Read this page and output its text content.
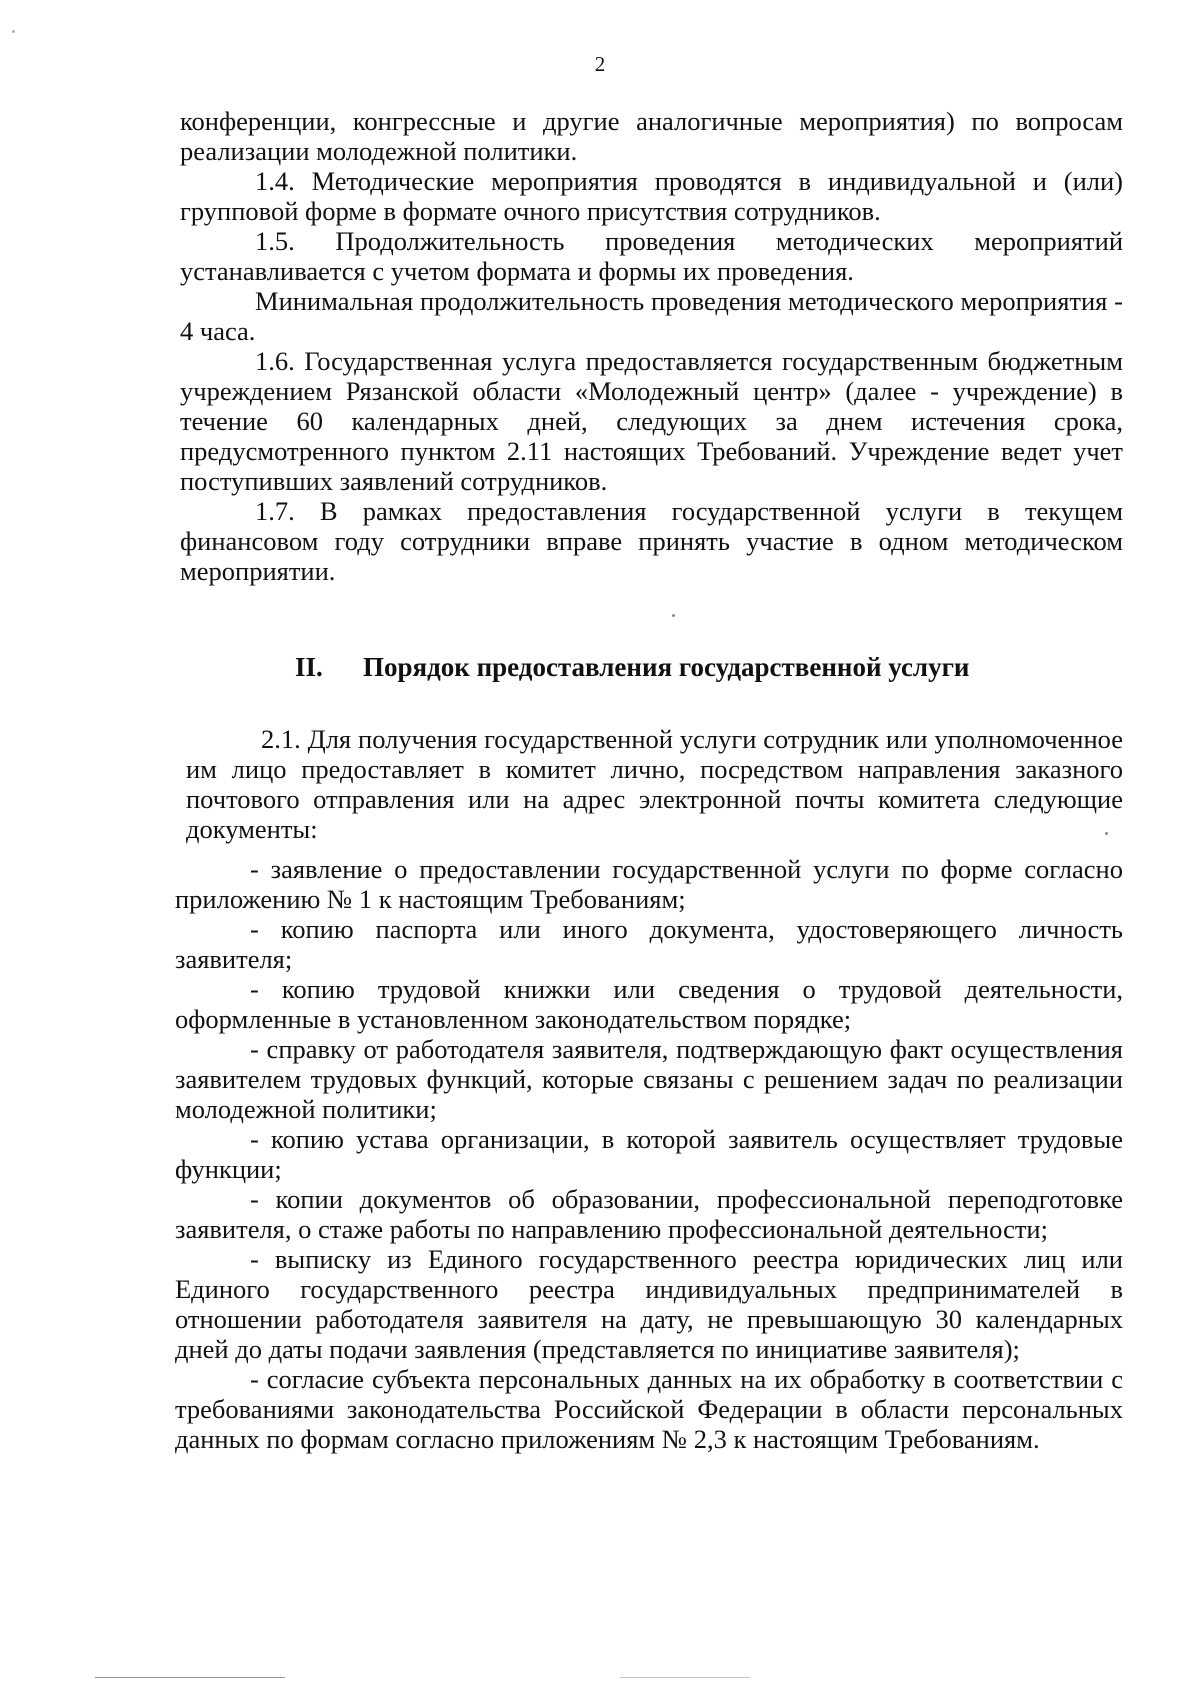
2

конференции, конгрессные и другие аналогичные мероприятия) по вопросам реализации молодежной политики.

1.4. Методические мероприятия проводятся в индивидуальной и (или) групповой форме в формате очного присутствия сотрудников.

1.5. Продолжительность проведения методических мероприятий устанавливается с учетом формата и формы их проведения.

Минимальная продолжительность проведения методического мероприятия - 4 часа.

1.6. Государственная услуга предоставляется государственным бюджетным учреждением Рязанской области «Молодежный центр» (далее - учреждение) в течение 60 календарных дней, следующих за днем истечения срока, предусмотренного пунктом 2.11 настоящих Требований. Учреждение ведет учет поступивших заявлений сотрудников.

1.7. В рамках предоставления государственной услуги в текущем финансовом году сотрудники вправе принять участие в одном методическом мероприятии.

II. Порядок предоставления государственной услуги

2.1. Для получения государственной услуги сотрудник или уполномоченное им лицо предоставляет в комитет лично, посредством направления заказного почтового отправления или на адрес электронной почты комитета следующие документы:

- заявление о предоставлении государственной услуги по форме согласно приложению № 1 к настоящим Требованиям;

- копию паспорта или иного документа, удостоверяющего личность заявителя;

- копию трудовой книжки или сведения о трудовой деятельности, оформленные в установленном законодательством порядке;

- справку от работодателя заявителя, подтверждающую факт осуществления заявителем трудовых функций, которые связаны с решением задач по реализации молодежной политики;

- копию устава организации, в которой заявитель осуществляет трудовые функции;

- копии документов об образовании, профессиональной переподготовке заявителя, о стаже работы по направлению профессиональной деятельности;

- выписку из Единого государственного реестра юридических лиц или Единого государственного реестра индивидуальных предпринимателей в отношении работодателя заявителя на дату, не превышающую 30 календарных дней до даты подачи заявления (представляется по инициативе заявителя);

- согласие субъекта персональных данных на их обработку в соответствии с требованиями законодательства Российской Федерации в области персональных данных по формам согласно приложениям № 2,3 к настоящим Требованиям.
